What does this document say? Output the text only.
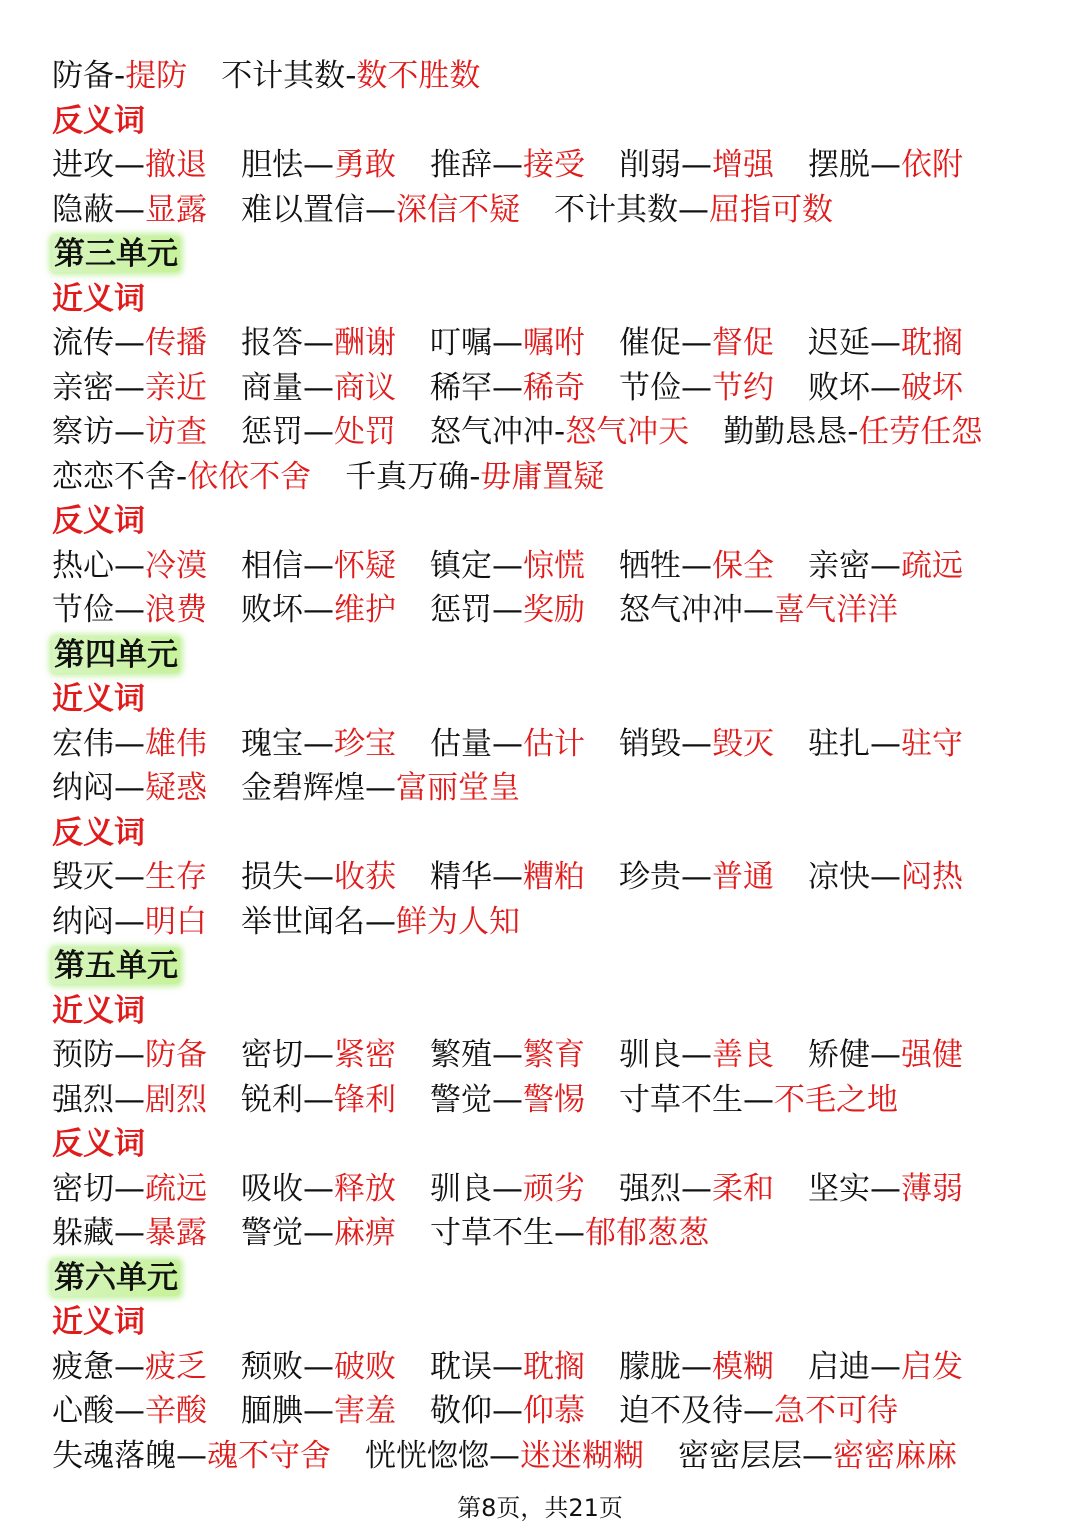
防备-提防 不计其数-数不胜数
反义词
进攻—撤退 胆怯—勇敢 推辞—接受 削弱—增强 摆脱—依附
隐蔽—显露 难以置信—深信不疑 不计其数—屈指可数
第三单元
近义词
流传—传播 报答—酬谢 叮嘱—嘱咐 催促—督促 迟延—耽搁
亲密—亲近 商量—商议 稀罕—稀奇 节俭—节约 败坏—破坏
察访—访查 惩罚—处罚 怒气冲冲-怒气冲天 勤勤恳恳-任劳任怨
恋恋不舍-依依不舍 千真万确-毋庸置疑
反义词
热心—冷漠 相信—怀疑 镇定—惊慌 牺牲—保全 亲密—疏远
节俭—浪费 败坏—维护 惩罚—奖励 怒气冲冲—喜气洋洋
第四单元
近义词
宏伟—雄伟 瑰宝—珍宝 估量—估计 销毁—毁灭 驻扎—驻守
纳闷—疑惑 金碧辉煌—富丽堂皇
反义词
毁灭—生存 损失—收获 精华—糟粕 珍贵—普通 凉快—闷热
纳闷—明白 举世闻名—鲜为人知
第五单元
近义词
预防—防备 密切—紧密 繁殖—繁育 驯良—善良 矫健—强健
强烈—剧烈 锐利—锋利 警觉—警惕 寸草不生—不毛之地
反义词
密切—疏远 吸收—释放 驯良—顽劣 强烈—柔和 坚实—薄弱
躲藏—暴露 警觉—麻痹 寸草不生—郁郁葱葱
第六单元
近义词
疲惫—疲乏 颓败—破败 耽误—耽搁 朦胧—模糊 启迪—启发
心酸—辛酸 腼腆—害羞 敬仰—仰慕 迫不及待—急不可待
失魂落魄—魂不守舍 恍恍惚惚—迷迷糊糊 密密层层—密密麻麻
第8页，共21页
